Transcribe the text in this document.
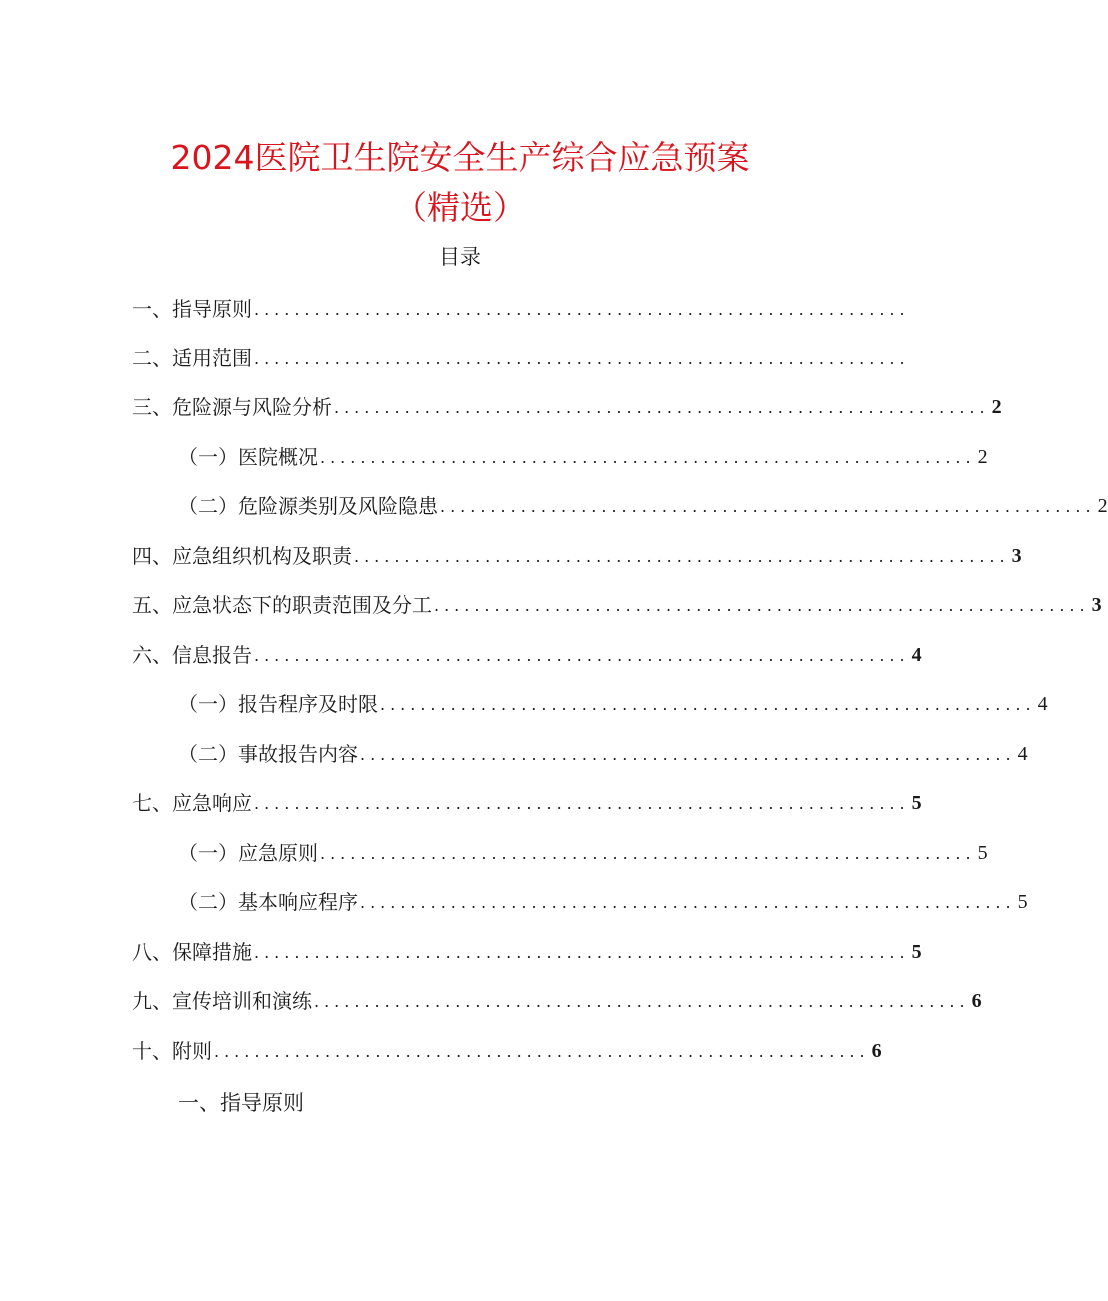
2024医院卫生院安全生产综合应急预案
（精选）
目录
一、指导原则 .................................................................
二、适用范围 .................................................................
三、危险源与风险分析 ................................................................. 2
（一）医院概况 ................................................................. 2
（二）危险源类别及风险隐患 ................................................................. 2
四、应急组织机构及职责 ................................................................. 3
五、应急状态下的职责范围及分工 ................................................................. 3
六、信息报告 ................................................................. 4
（一）报告程序及时限 ................................................................. 4
（二）事故报告内容 ................................................................. 4
七、应急响应 ................................................................. 5
（一）应急原则 ................................................................. 5
（二）基本响应程序 ................................................................. 5
八、保障措施 ................................................................. 5
九、宣传培训和演练 ................................................................. 6
十、附则 ................................................................. 6
一、指导原则
